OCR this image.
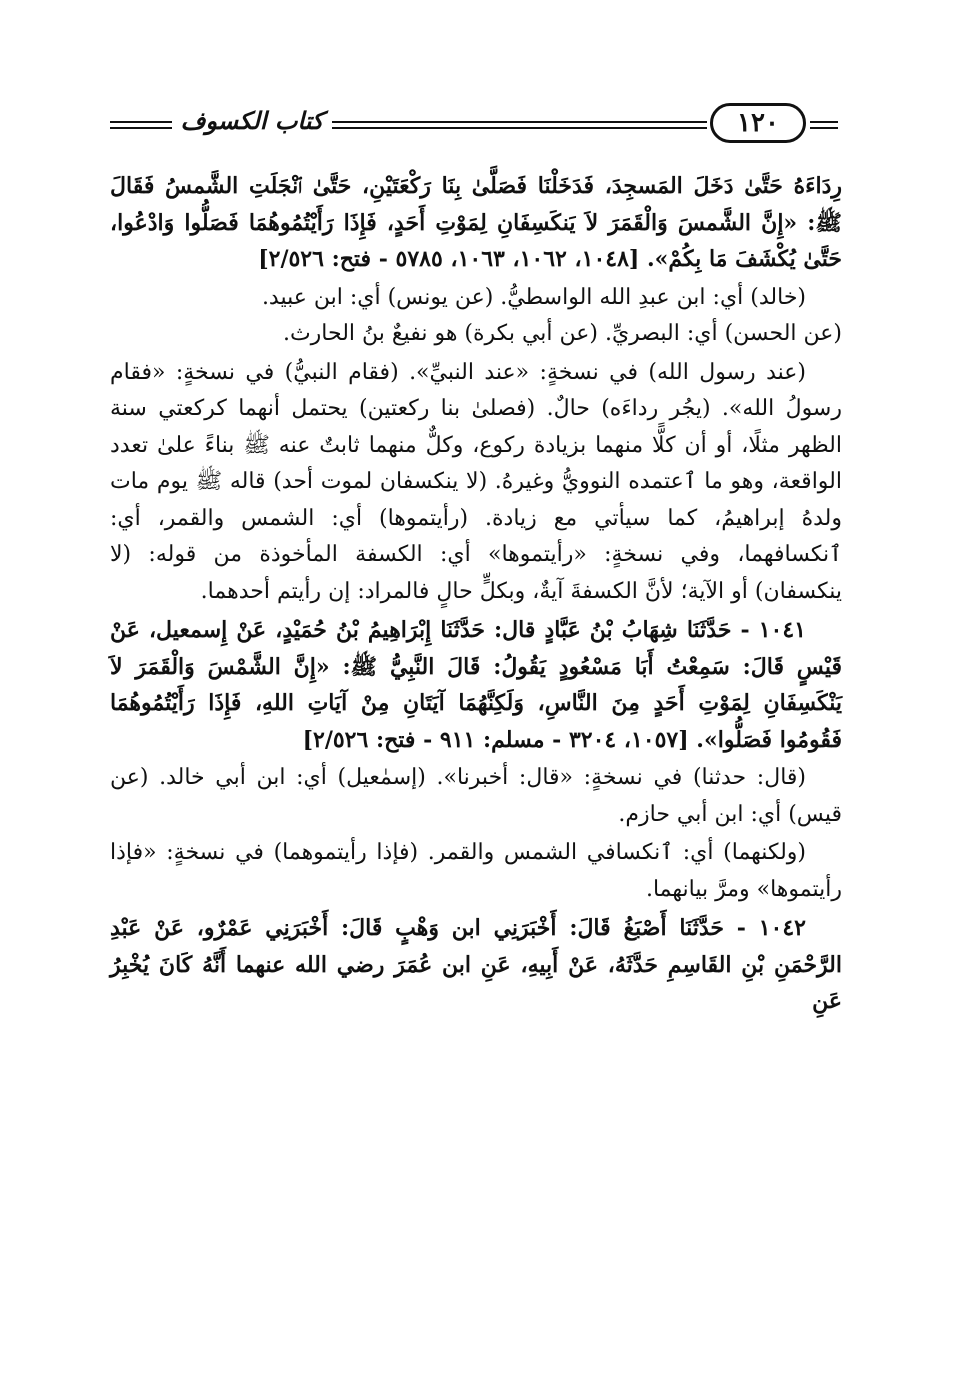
كتاب الكسوف	١٢٠

رِدَاءَهُ حَتَّىٰ دَخَلَ المَسجِدَ، فَدَخَلْنَا فَصَلَّىٰ بِنَا رَكْعَتَيْنِ، حَتَّىٰ ٱنْجَلَتِ الشَّمسُ فَقَالَ ﷺ: «إِنَّ الشَّمسَ وَالْقَمَرَ لاَ يَنكَسِفَانِ لِمَوْتِ أَحَدٍ، فَإِذَا رَأَيْتُمُوهُمَا فَصَلُّوا وَادْعُوا، حَتَّىٰ يُكْشَفَ مَا بِكُمْ». [١٠٤٨، ١٠٦٢، ١٠٦٣، ٥٧٨٥ - فتح: ٢/٥٢٦]

(خالد) أي: ابن عبدِ الله الواسطيُّ. (عن يونس) أي: ابن عبيد.

(عن الحسن) أي: البصريِّ. (عن أبي بكرة) هو نفيعٌ بنُ الحارث.

(عند رسول الله) في نسخةٍ: «عند النبيِّ». (فقام النبيُّ) في نسخةٍ: «فقام رسولُ الله». (يجُر رداءَه) حالٌ. (فصلىٰ بنا ركعتين) يحتمل أنهما كركعتي سنة الظهر مثلًا، أو أن كلًّا منهما بزيادة ركوع، وكلٌّ منهما ثابتٌ عنه ﷺ بناءً علىٰ تعدد الواقعة، وهو ما ٱعتمده النوويُّ وغيرهُ. (لا ينكسفان لموت أحد) قاله ﷺ يوم مات ولدهُ إبراهيمُ، كما سيأتي مع زيادة. (رأيتموها) أي: الشمس والقمر، أي: ٱنكسافهما، وفي نسخةٍ: «رأيتموها» أي: الكسفة المأخوذة من قوله: (لا ينكسفان) أو الآية؛ لأنَّ الكسفةَ آيةٌ، وبكلٍّ حالٍ فالمراد: إن رأيتم أحدهما.

١٠٤١ - حَدَّثَنَا شِهَابُ بْنُ عَبَّادٍ قال: حَدَّثَنَا إِبْرَاهِيمُ بْنُ حُمَيْدٍ، عَنْ إِسمعيل، عَنْ قَيْسٍ قَالَ: سَمِعْتُ أَبَا مَسْعُودٍ يَقُولُ: قَالَ النَّبِيُّ ﷺ: «إِنَّ الشَّمْسَ وَالْقَمَرَ لاَ يَنْكَسِفَانِ لِمَوْتِ أَحَدٍ مِنَ النَّاسِ، وَلَكِنَّهُمَا آيَتَانِ مِنْ آيَاتِ اللهِ، فَإِذَا رَأَيْتُمُوهُمَا فَقُومُوا فَصَلُّوا». [١٠٥٧، ٣٢٠٤ - مسلم: ٩١١ - فتح: ٢/٥٢٦]

(قال: حدثنا) في نسخةٍ: «قال: أخبرنا». (إسمٰعيل) أي: ابن أبي خالد. (عن قيس) أي: ابن أبي حازم.

(ولكنهما) أي: ٱنكسافي الشمس والقمر. (فإذا رأيتموهما) في نسخةٍ: «فإذا رأيتموها» ومرَّ بيانهما.

١٠٤٢ - حَدَّثَنَا أَصْبَغُ قَالَ: أَخْبَرَنِي ابن وَهْبٍ قَالَ: أَخْبَرَنِي عَمْرٌو، عَنْ عَبْدِ الرَّحْمَنِ بْنِ القَاسِمِ حَدَّثَهُ، عَنْ أَبِيهِ، عَنِ ابن عُمَرَ رضي الله عنهما أَنَّهُ كَانَ يُخْبِرُ عَنِ
